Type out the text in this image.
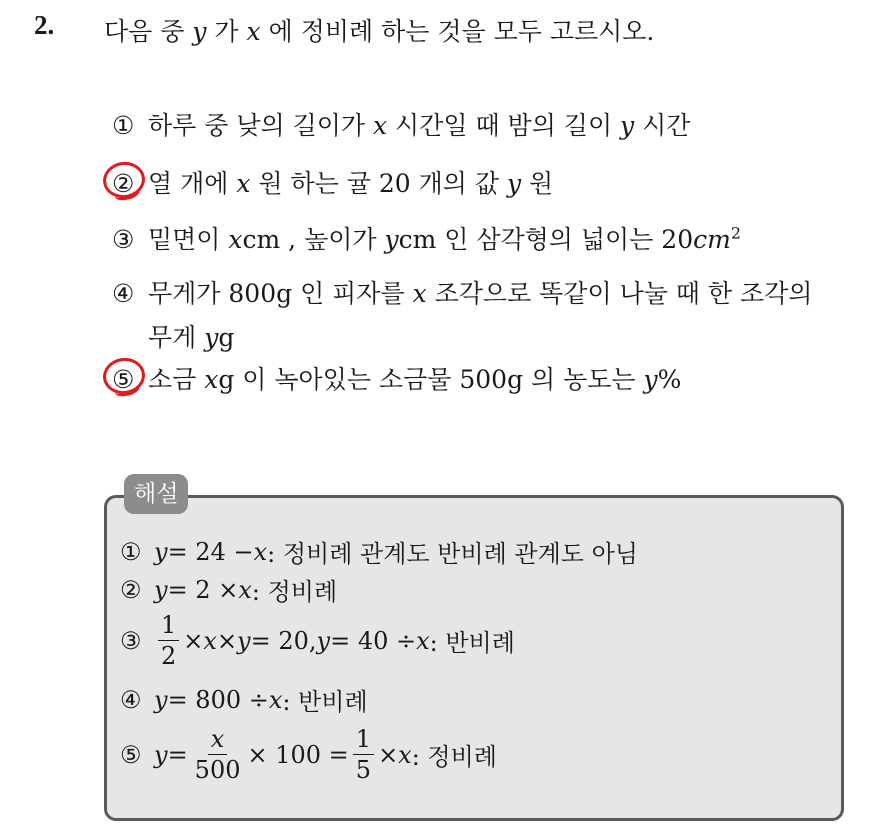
2. 다음 중 y 가 x 에 정비례 하는 것을 모두 고르시오.
① 하루 중 낮의 길이가 x 시간일 때 밤의 길이 y 시간
② 열 개에 x 원 하는 귤 20 개의 값 y 원
③ 밑면이 xcm , 높이가 ycm 인 삼각형의 넓이는 $20cm^2$
④ 무게가 800g 인 피자를 x 조각으로 똑같이 나눌 때 한 조각의
무게 yg
⑤ 소금 xg 이 녹아있는 소금물 500g 의 농도는 y%
해설
① y = 24 − x : 정비례 관계도 반비례 관계도 아님
② y = 2 × x : 정비례
③ $\frac{1}{2} \times x \times y = 20$, y = 40 ÷ x : 반비례
④ y = 800 ÷ x : 반비례
⑤ $y = \frac{x}{500} \times 100 = \frac{1}{5} \times x$ : 정비례
